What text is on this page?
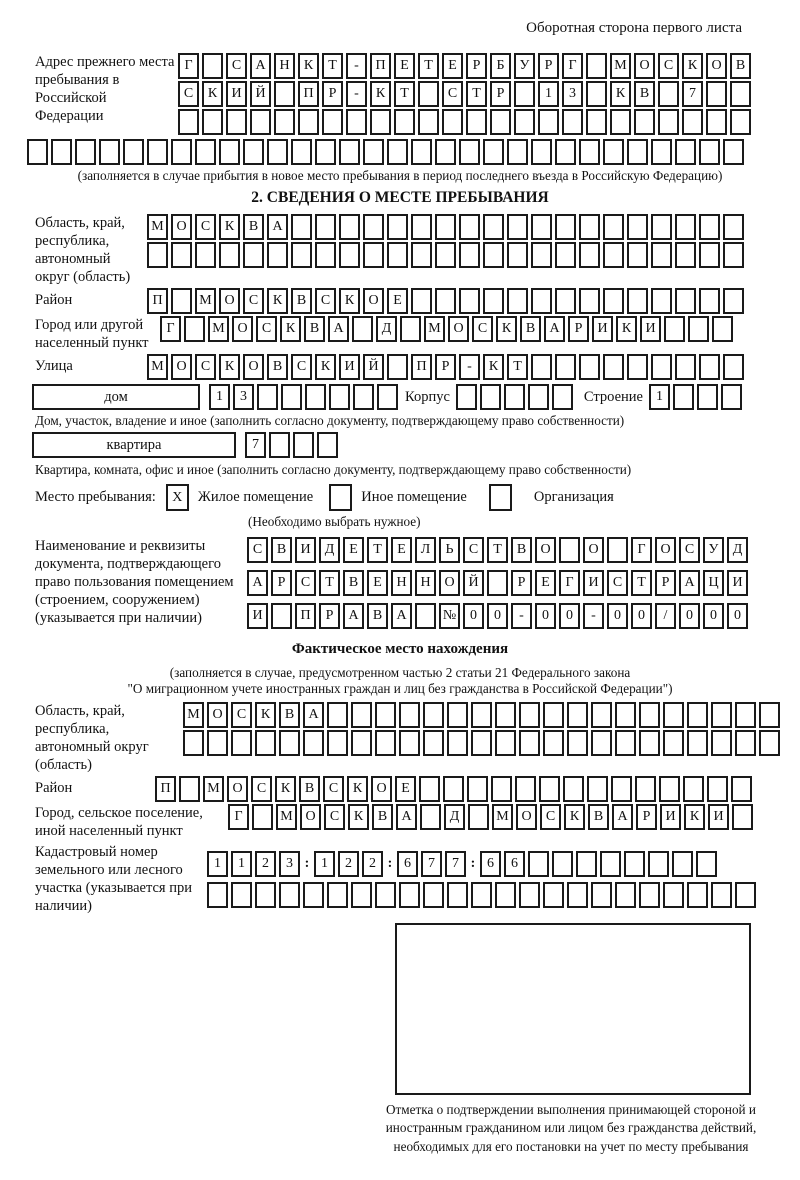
Оборотная сторона первого листа
Адрес прежнего места пребывания в Российской Федерации
Г	С	А Н	К	Т	-	П	Е	Т	Е	Р	Б	У	Р	Г	М О	С	К	О	В
С	К	И Й	П	Р	-	К	Т	С	Т	Р	1	3	К	В	7
(заполняется в случае прибытия в новое место пребывания в период последнего въезда в Российскую Федерацию)
2. СВЕДЕНИЯ О МЕСТЕ ПРЕБЫВАНИЯ
Область, край, республика, автономный округ (область)
М О	С	К	В	А
Район	П	М О	С	К	В	С	К	О	Е
Город или другой населенный пункт
Г	М О	С	К	В	А	Д	М О	С	К	В	А	Р	И	К	И
Улица	М О	С	К	О	В	С	К	И Й	П	Р	-	К	Т
дом	1	3	Корпус	Строение 1
Дом, участок, владение и иное (заполнить согласно документу, подтверждающему право собственности)
квартира	7
Квартира, комната, офис и иное (заполнить согласно документу, подтверждающему право собственности)
Место пребывания:	X	Жилое помещение	Иное помещение	Организация
(Необходимо выбрать нужное)
Наименование и реквизиты документа, подтверждающего право пользования помещением (строением, сооружением) (указывается при наличии)
С	В	И	Д	Е	Т	Е	Л	Ь	С	Т	В	О	О	Г	О	С	У	Д
А	Р	С	Т	В	Е	Н Н О Й	Р	Е	Г	И	С	Т	Р	А Ц И
И	П	Р	А	В	А	№ 0	0	-	0	0	-	0	0	/	0	0	0
Фактическое место нахождения
(заполняется в случае, предусмотренном частью 2 статьи 21 Федерального закона
"О миграционном учете иностранных граждан и лиц без гражданства в Российской Федерации")
Область, край, республика, автономный округ (область)
М О	С	К	В	А
Район	П	М О	С	К	В	С	К	О	Е
Город, сельское поселение, иной населенный пункт
Г	М О	С	К	В	А	Д	М О	С	К	В	А	Р	И	К	И
Кадастровый номер земельного или лесного участка (указывается при наличии)
1	1	2	3 : 1	2	2 : 6	7	7 : 6	6
Отметка о подтверждении выполнения принимающей стороной и иностранным гражданином или лицом без гражданства действий, необходимых для его постановки на учет по месту пребывания
